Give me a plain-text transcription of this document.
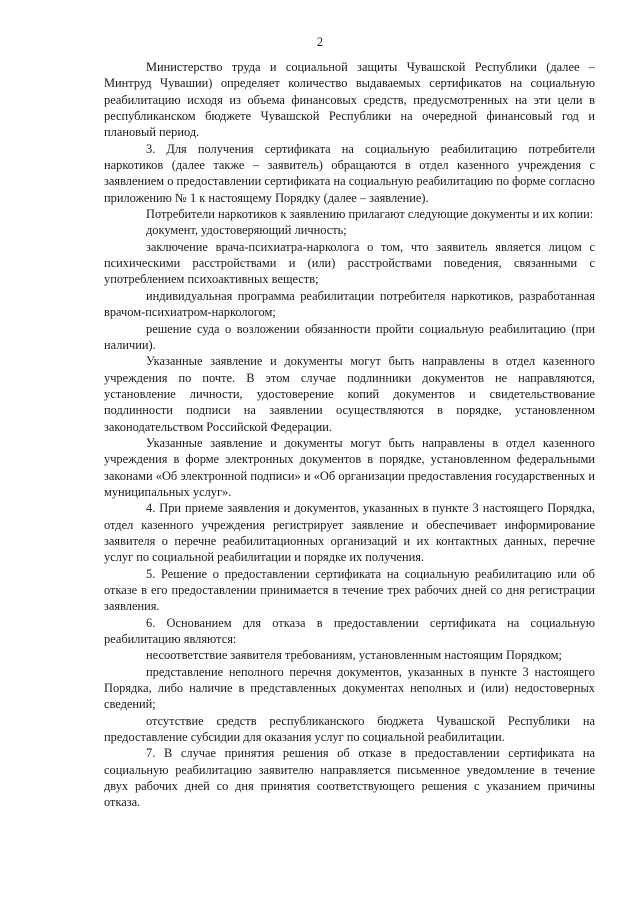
2

Министерство труда и социальной защиты Чувашской Республики (далее – Минтруд Чувашии) определяет количество выдаваемых сертификатов на социальную реабилитацию исходя из объема финансовых средств, предусмотренных на эти цели в республиканском бюджете Чувашской Республики на очередной финансовый год и плановый период.

3. Для получения сертификата на социальную реабилитацию потребители наркотиков (далее также – заявитель) обращаются в отдел казенного учреждения с заявлением о предоставлении сертификата на социальную реабилитацию по форме согласно приложению № 1 к настоящему Порядку (далее – заявление).

Потребители наркотиков к заявлению прилагают следующие документы и их копии:

документ, удостоверяющий личность;

заключение врача-психиатра-нарколога о том, что заявитель является лицом с психическими расстройствами и (или) расстройствами поведения, связанными с употреблением психоактивных веществ;

индивидуальная программа реабилитации потребителя наркотиков, разработанная врачом-психиатром-наркологом;

решение суда о возложении обязанности пройти социальную реабилитацию (при наличии).

Указанные заявление и документы могут быть направлены в отдел казенного учреждения по почте. В этом случае подлинники документов не направляются, установление личности, удостоверение копий документов и свидетельствование подлинности подписи на заявлении осуществляются в порядке, установленном законодательством Российской Федерации.

Указанные заявление и документы могут быть направлены в отдел казенного учреждения в форме электронных документов в порядке, установленном федеральными законами «Об электронной подписи» и «Об организации предоставления государственных и муниципальных услуг».

4. При приеме заявления и документов, указанных в пункте 3 настоящего Порядка, отдел казенного учреждения регистрирует заявление и обеспечивает информирование заявителя о перечне реабилитационных организаций и их контактных данных, перечне услуг по социальной реабилитации и порядке их получения.

5. Решение о предоставлении сертификата на социальную реабилитацию или об отказе в его предоставлении принимается в течение трех рабочих дней со дня регистрации заявления.

6. Основанием для отказа в предоставлении сертификата на социальную реабилитацию являются:

несоответствие заявителя требованиям, установленным настоящим Порядком;

представление неполного перечня документов, указанных в пункте 3 настоящего Порядка, либо наличие в представленных документах неполных и (или) недостоверных сведений;

отсутствие средств республиканского бюджета Чувашской Республики на предоставление субсидии для оказания услуг по социальной реабилитации.

7. В случае принятия решения об отказе в предоставлении сертификата на социальную реабилитацию заявителю направляется письменное уведомление в течение двух рабочих дней со дня принятия соответствующего решения с указанием причины отказа.
